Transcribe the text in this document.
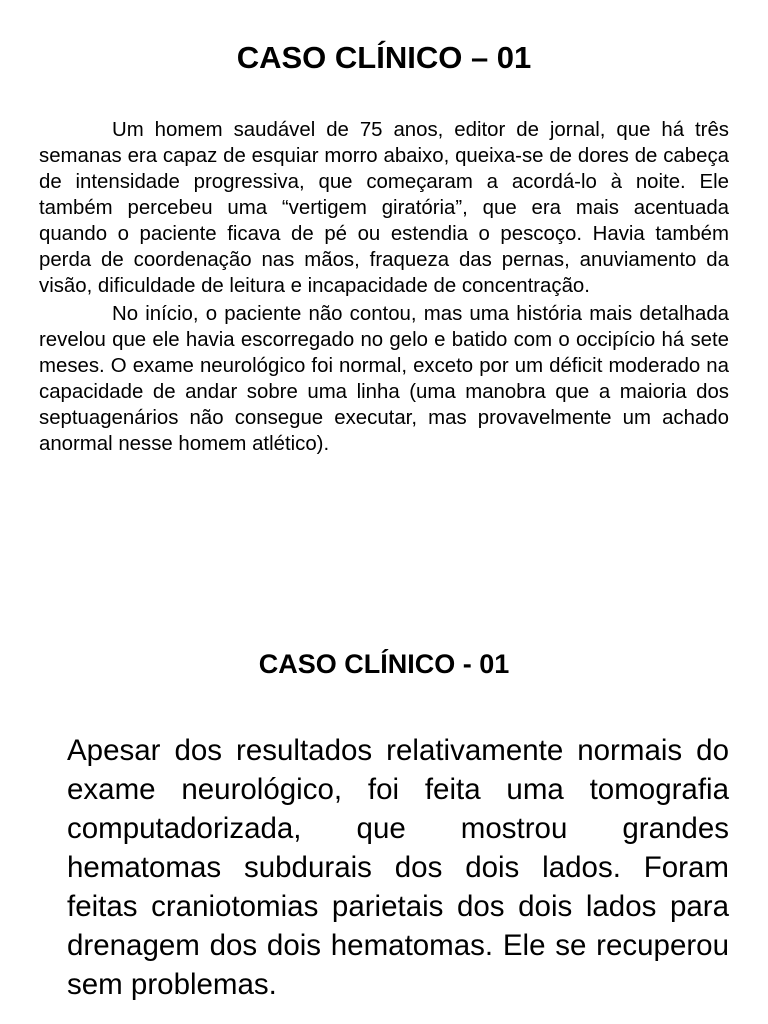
CASO CLÍNICO – 01

Um homem saudável de 75 anos, editor de jornal, que há três semanas era capaz de esquiar morro abaixo, queixa-se de dores de cabeça de intensidade progressiva, que começaram a acordá-lo à noite. Ele também percebeu uma “vertigem giratória”, que era mais acentuada quando o paciente ficava de pé ou estendia o pescoço. Havia também perda de coordenação nas mãos, fraqueza das pernas, anuviamento da visão, dificuldade de leitura e incapacidade de concentração.

No início, o paciente não contou, mas uma história mais detalhada revelou que ele havia escorregado no gelo e batido com o occipício há sete meses. O exame neurológico foi normal, exceto por um déficit moderado na capacidade de andar sobre uma linha (uma manobra que a maioria dos septuagenários não consegue executar, mas provavelmente um achado anormal nesse homem atlético).

CASO CLÍNICO - 01

Apesar dos resultados relativamente normais do exame neurológico, foi feita uma tomografia computadorizada, que mostrou grandes hematomas subdurais dos dois lados. Foram feitas craniotomias parietais dos dois lados para drenagem dos dois hematomas. Ele se recuperou sem problemas.
